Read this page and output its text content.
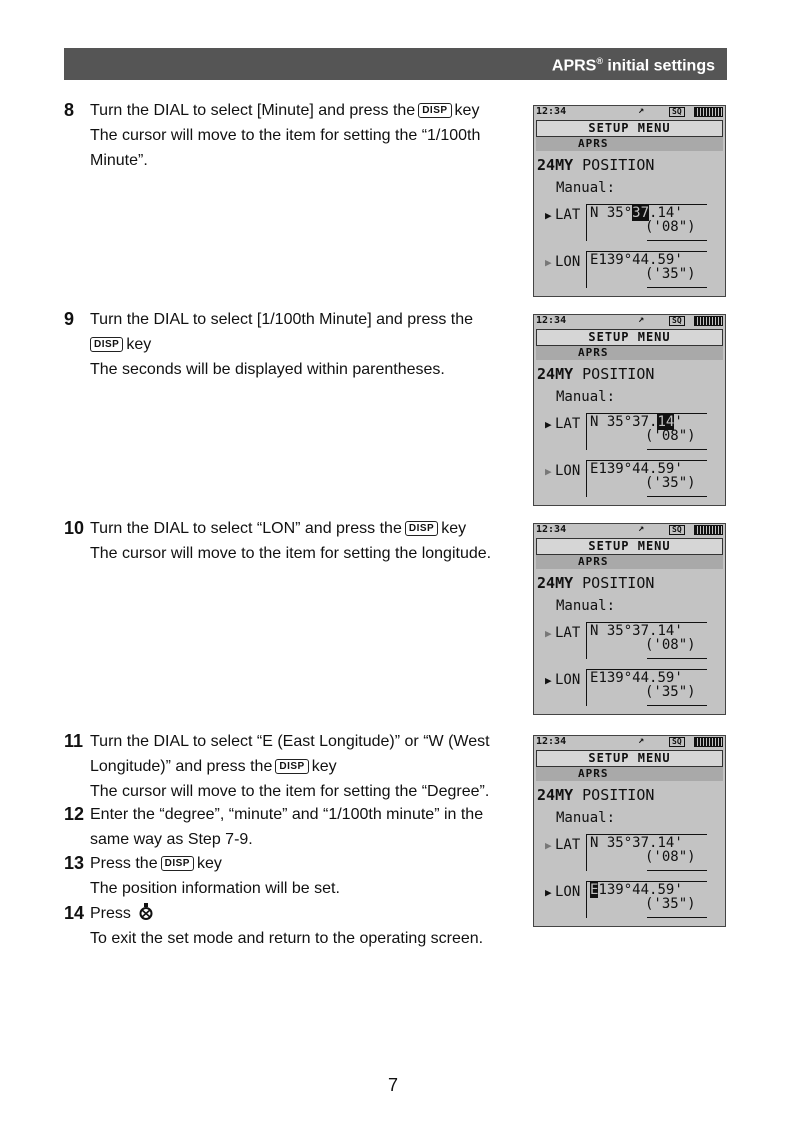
APRS® initial settings
8 Turn the DIAL to select [Minute] and press the DISP key
The cursor will move to the item for setting the “1/100th
Minute”.
9 Turn the DIAL to select [1/100th Minute] and press the
DISP key
The seconds will be displayed within parentheses.
10 Turn the DIAL to select “LON” and press the DISP key
The cursor will move to the item for setting the longitude.
11 Turn the DIAL to select “E (East Longitude)” or “W (West
Longitude)” and press the DISP key
The cursor will move to the item for setting the “Degree”.
12 Enter the “degree”, “minute” and “1/100th minute” in the
same way as Step 7-9.
13 Press the DISP key
The position information will be set.
14 Press
To exit the set mode and return to the operating screen.
12:34	↗	SQ
SETUP MENU
APRS
24MY POSITION
Manual:
▶ LAT N 35°37.14'
('08")
▶ LON E139°44.59'
('35")
12:34	↗	SQ
SETUP MENU
APRS
24MY POSITION
Manual:
▶ LAT N 35°37.14'
('08")
▶ LON E139°44.59'
('35")
12:34	↗	SQ
SETUP MENU
APRS
24MY POSITION
Manual:
▶ LAT N 35°37.14'
('08")
▶ LON E139°44.59'
('35")
12:34	↗	SQ
SETUP MENU
APRS
24MY POSITION
Manual:
▶ LAT N 35°37.14'
('08")
▶ LON E139°44.59'
('35")
7
